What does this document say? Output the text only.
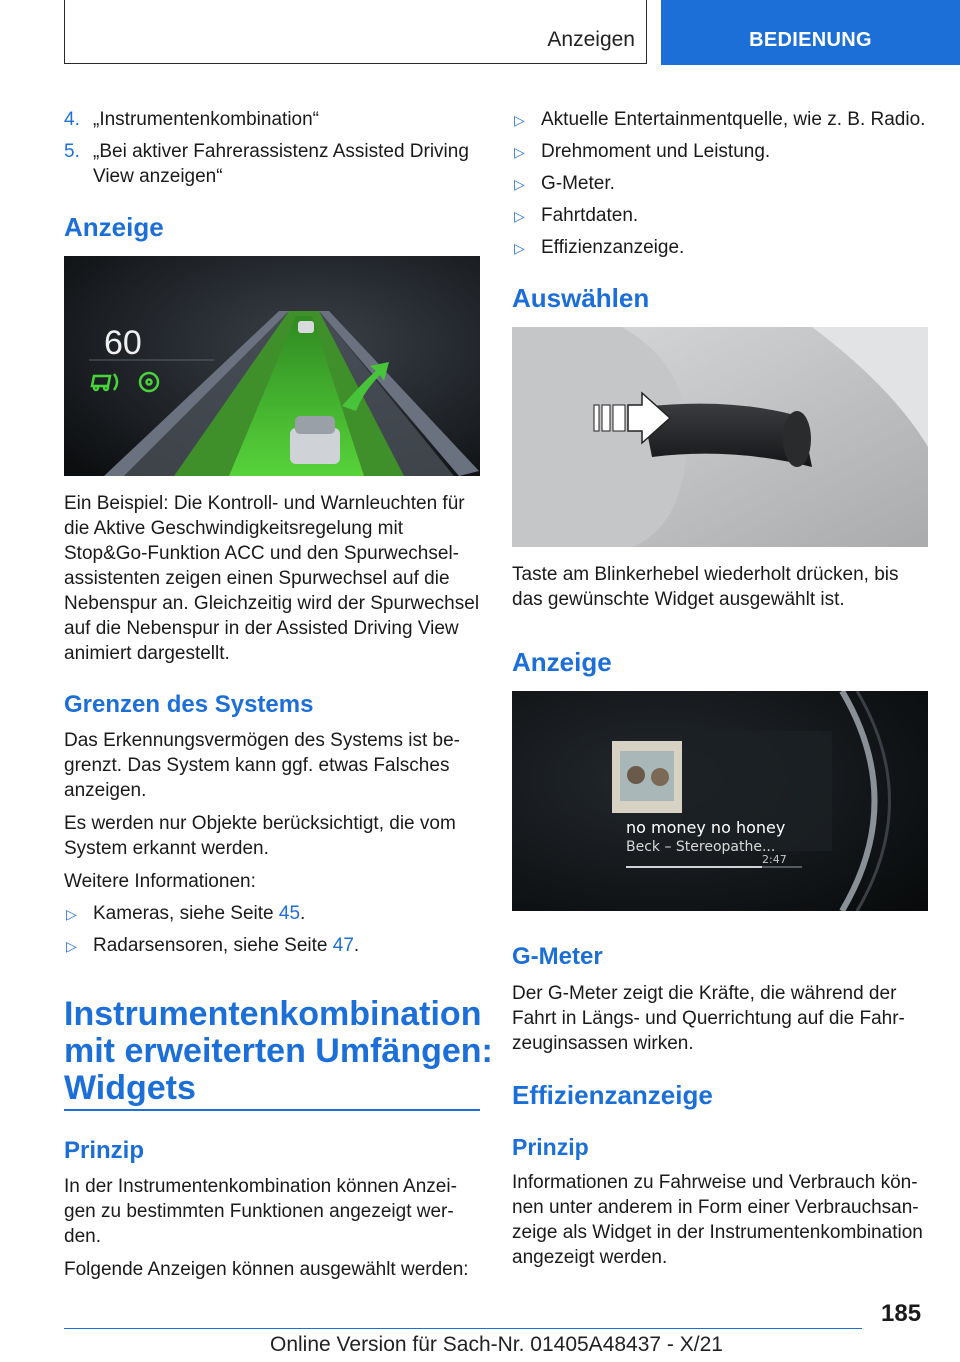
Anzeigen	BEDIENUNG
4. „Instrumentenkombination“
5. „Bei aktiver Fahrerassistenz Assisted Driving
View anzeigen“
Anzeige
60
Ein Beispiel: Die Kontroll- und Warnleuchten für
die Aktive Geschwindigkeitsregelung mit
Stop&Go-Funktion ACC und den Spurwechsel-
assistenten zeigen einen Spurwechsel auf die
Nebenspur an. Gleichzeitig wird der Spurwechsel
auf die Nebenspur in der Assisted Driving View
animiert dargestellt.
Grenzen des Systems
Das Erkennungsvermögen des Systems ist be-
grenzt. Das System kann ggf. etwas Falsches
anzeigen.
Es werden nur Objekte berücksichtigt, die vom
System erkannt werden.
Weitere Informationen:
▷ Kameras, siehe Seite 45.
▷ Radarsensoren, siehe Seite 47.
Instrumentenkombination
mit erweiterten Umfängen:
Widgets
Prinzip
In der Instrumentenkombination können Anzei-
gen zu bestimmten Funktionen angezeigt wer-
den.
Folgende Anzeigen können ausgewählt werden:
▷ Aktuelle Entertainmentquelle, wie z. B. Radio.
▷ Drehmoment und Leistung.
▷ G-Meter.
▷ Fahrtdaten.
▷ Effizienzanzeige.
Auswählen
Taste am Blinkerhebel wiederholt drücken, bis
das gewünschte Widget ausgewählt ist.
Anzeige
no money no honey
Beck – Stereopathe...
2:47
G-Meter
Der G-Meter zeigt die Kräfte, die während der
Fahrt in Längs- und Querrichtung auf die Fahr-
zeuginsassen wirken.
Effizienzanzeige
Prinzip
Informationen zu Fahrweise und Verbrauch kön-
nen unter anderem in Form einer Verbrauchsan-
zeige als Widget in der Instrumentenkombination
angezeigt werden.
185
Online Version für Sach-Nr. 01405A48437 - X/21
